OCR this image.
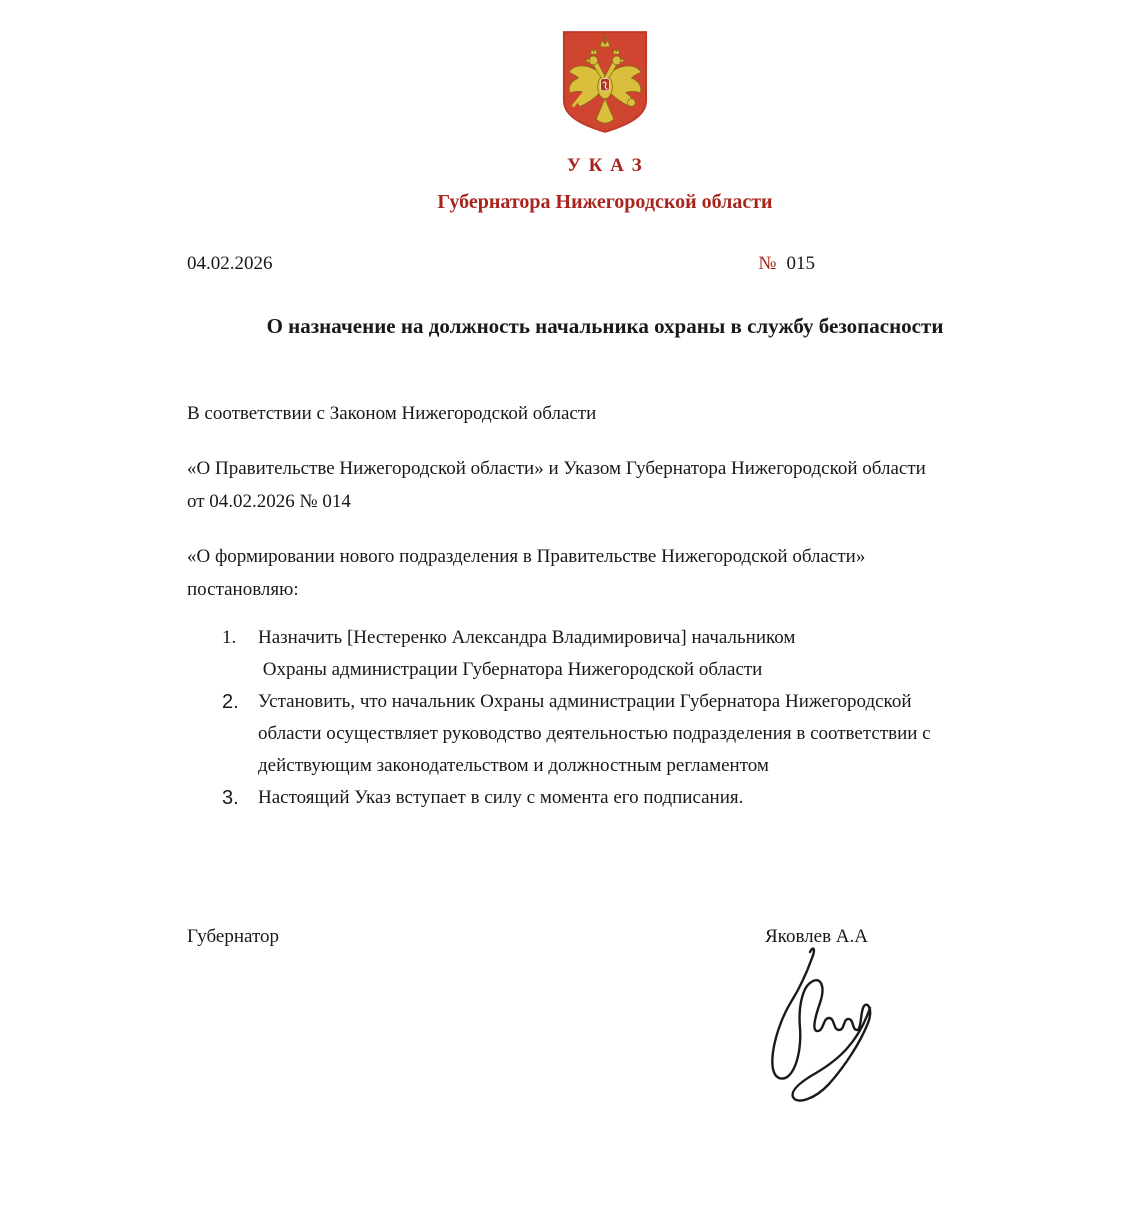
У К А З
Губернатора Нижегородской области
04.02.2026	№ 015
О назначение на должность начальника охраны в службу безопасности
В соответствии с Законом Нижегородской области
«О Правительстве Нижегородской области» и Указом Губернатора Нижегородской области
от 04.02.2026 № 014
«О формировании нового подразделения в Правительстве Нижегородской области»
постановляю:
1.	Назначить [Нестеренко Александра Владимировича] начальником
Охраны администрации Губернатора Нижегородской области
2.	Установить, что начальник Охраны администрации Губернатора Нижегородской
области осуществляет руководство деятельностью подразделения в соответствии с
действующим законодательством и должностным регламентом
3.	Настоящий Указ вступает в силу с момента его подписания.
Губернатор	Яковлев А.А
